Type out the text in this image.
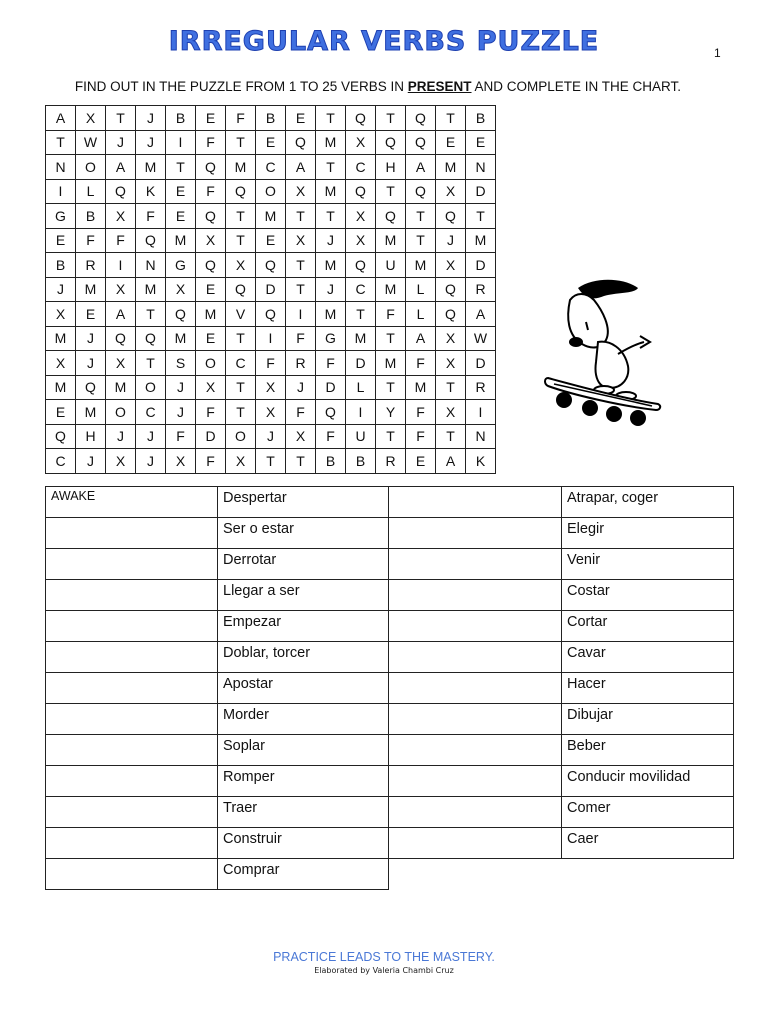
IRREGULAR VERBS PUZZLE	1
FIND OUT IN THE PUZZLE FROM 1 TO 25 VERBS IN PRESENT AND COMPLETE IN THE CHART.
A	X	T	J	B	E	F	B	E	T	Q	T	Q	T	B
T	W	J	J	I	F	T	E	Q	M	X	Q	Q	E	E
N	O	A	M	T	Q	M	C	A	T	C	H	A	M	N
I	L	Q	K	E	F	Q	O	X	M	Q	T	Q	X	D
G	B	X	F	E	Q	T	M	T	T	X	Q	T	Q	T
E	F	F	Q	M	X	T	E	X	J	X	M	T	J	M
B	R	I	N	G	Q	X	Q	T	M	Q	U	M	X	D
J	M	X	M	X	E	Q	D	T	J	C	M	L	Q	R
X	E	A	T	Q	M	V	Q	I	M	T	F	L	Q	A
M	J	Q	Q	M	E	T	I	F	G	M	T	A	X	W
X	J	X	T	S	O	C	F	R	F	D	M	F	X	D
M	Q	M	O	J	X	T	X	J	D	L	T	M	T	R
E	M	O	C	J	F	T	X	F	Q	I	Y	F	X	I
Q	H	J	J	F	D	O	J	X	F	U	T	F	T	N
C	J	X	J	X	F	X	T	T	B	B	R	E	A	K
AWAKE	Despertar		Atrapar, coger
	Ser o estar		Elegir
	Derrotar		Venir
	Llegar a ser		Costar
	Empezar		Cortar
	Doblar, torcer		Cavar
	Apostar		Hacer
	Morder		Dibujar
	Soplar		Beber
	Romper		Conducir movilidad
	Traer		Comer
	Construir		Caer
	Comprar		
PRACTICE LEADS TO THE MASTERY.
Elaborated by Valeria Chambi Cruz
